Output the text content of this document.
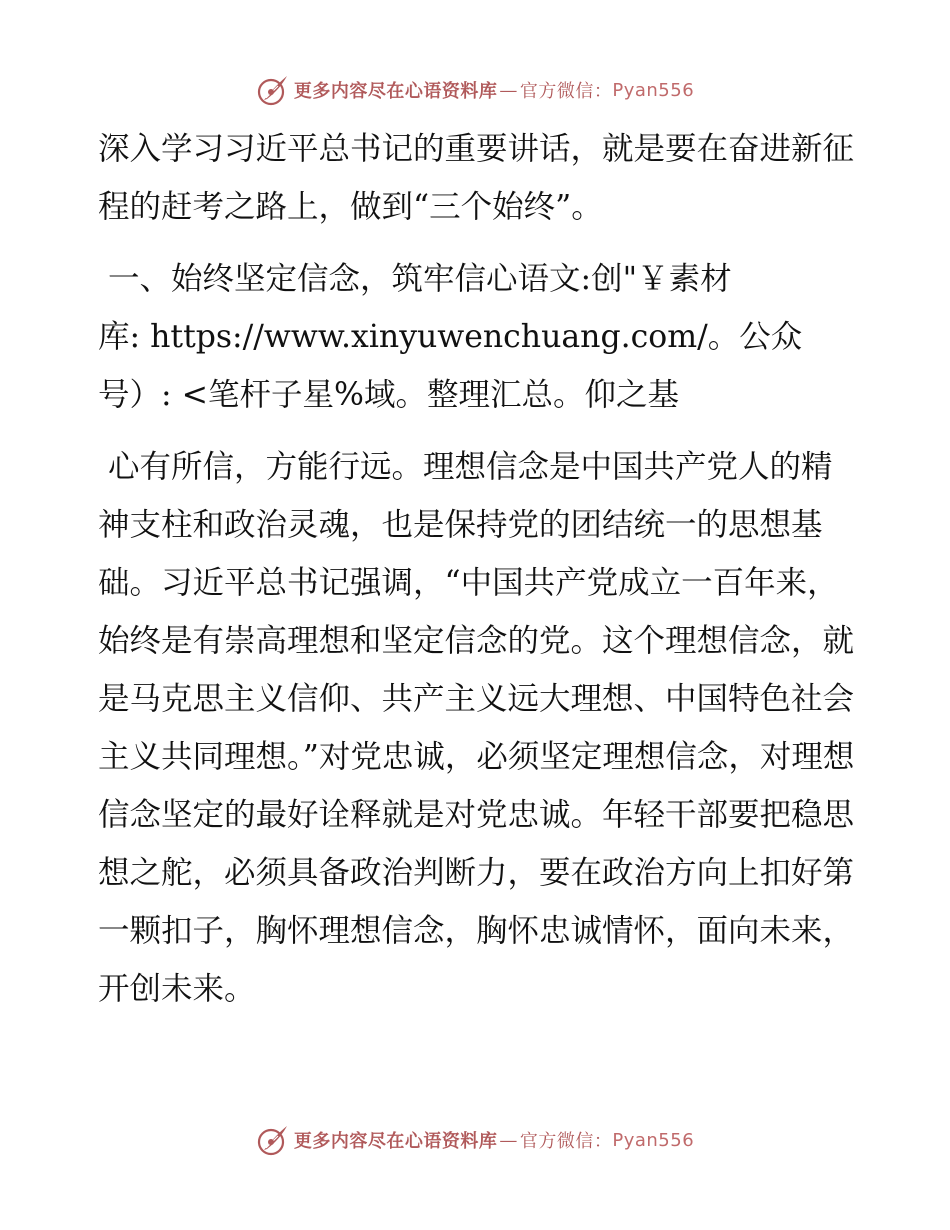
更多内容尽在心语资料库 — 官方微信： Pyan556

深入学习习近平总书记的重要讲话，就是要在奋进新征程的赶考之路上，做到“三个始终”。

一、始终坚定信念，筑牢信心语文:创"￥素材

库: https://www.xinyuwenchuang.com/。公众

号）: <笔杆子星%域。整理汇总。仰之基

心有所信，方能行远。理想信念是中国共产党人的精神支柱和政治灵魂，也是保持党的团结统一的思想基础。习近平总书记强调，“中国共产党成立一百年来，始终是有崇高理想和坚定信念的党。这个理想信念，就是马克思主义信仰、共产主义远大理想、中国特色社会主义共同理想。”对党忠诚，必须坚定理想信念，对理想信念坚定的最好诠释就是对党忠诚。年轻干部要把稳思想之舵，必须具备政治判断力，要在政治方向上扣好第一颗扣子，胸怀理想信念，胸怀忠诚情怀，面向未来，开创未来。

更多内容尽在心语资料库 — 官方微信： Pyan556
